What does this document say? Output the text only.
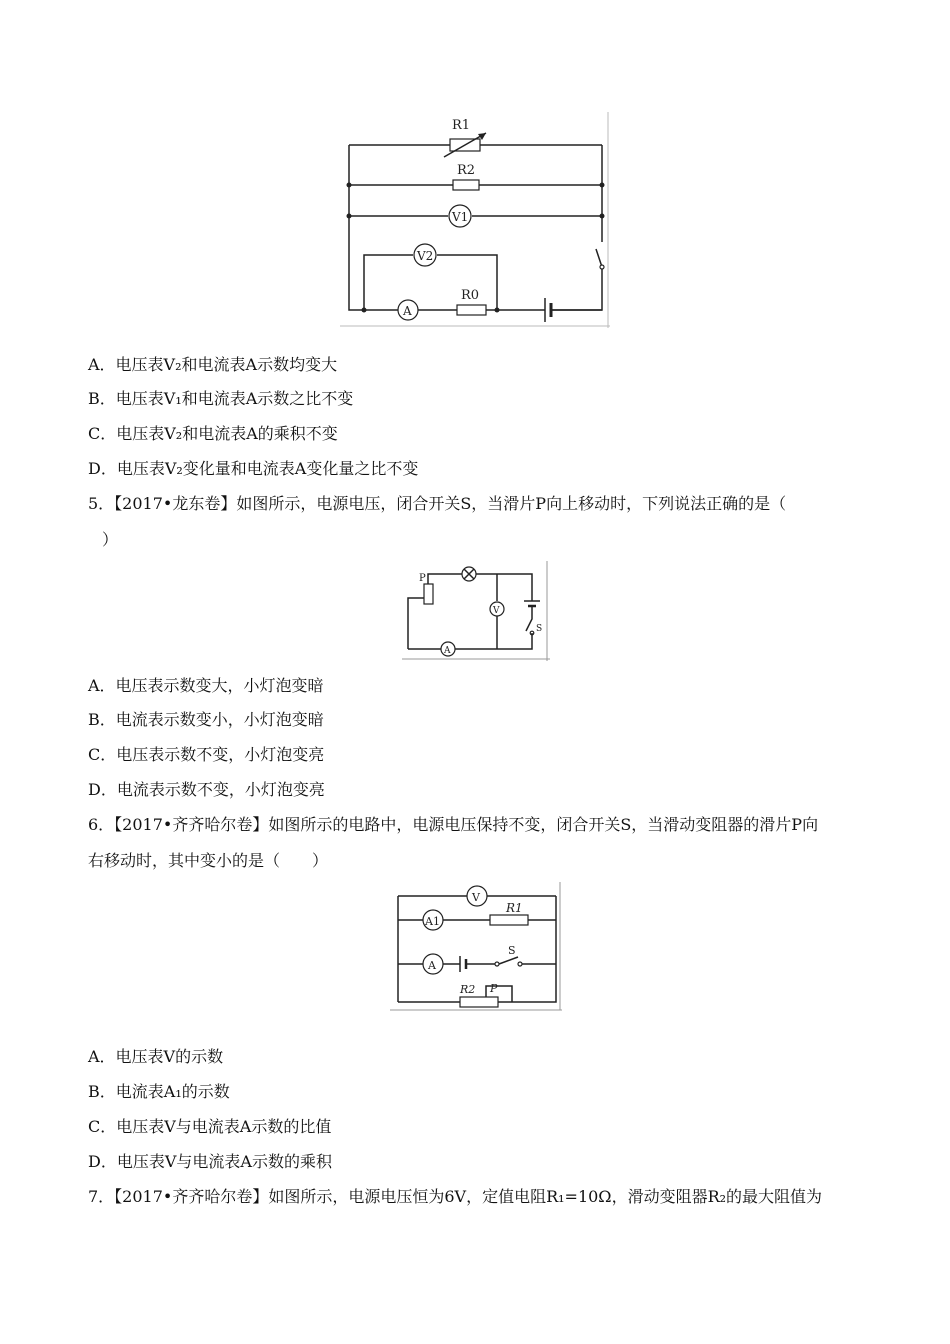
R1
R2
V1
V2
A
R0
A．电压表V₂和电流表A示数均变大
B．电压表V₁和电流表A示数之比不变
C．电压表V₂和电流表A的乘积不变
D．电压表V₂变化量和电流表A变化量之比不变
5．【2017•龙东卷】如图所示，电源电压，闭合开关S，当滑片P向上移动时，下列说法正确的是（
）
P
V
S
A
A．电压表示数变大，小灯泡变暗
B．电流表示数变小，小灯泡变暗
C．电压表示数不变，小灯泡变亮
D．电流表示数不变，小灯泡变亮
6．【2017•齐齐哈尔卷】如图所示的电路中，电源电压保持不变，闭合开关S，当滑动变阻器的滑片P向
右移动时，其中变小的是（　　）
V
A1
R1
A
S
R2 P
A．电压表V的示数
B．电流表A₁的示数
C．电压表V与电流表A示数的比值
D．电压表V与电流表A示数的乘积
7．【2017•齐齐哈尔卷】如图所示，电源电压恒为6V，定值电阻R₁=10Ω，滑动变阻器R₂的最大阻值为
